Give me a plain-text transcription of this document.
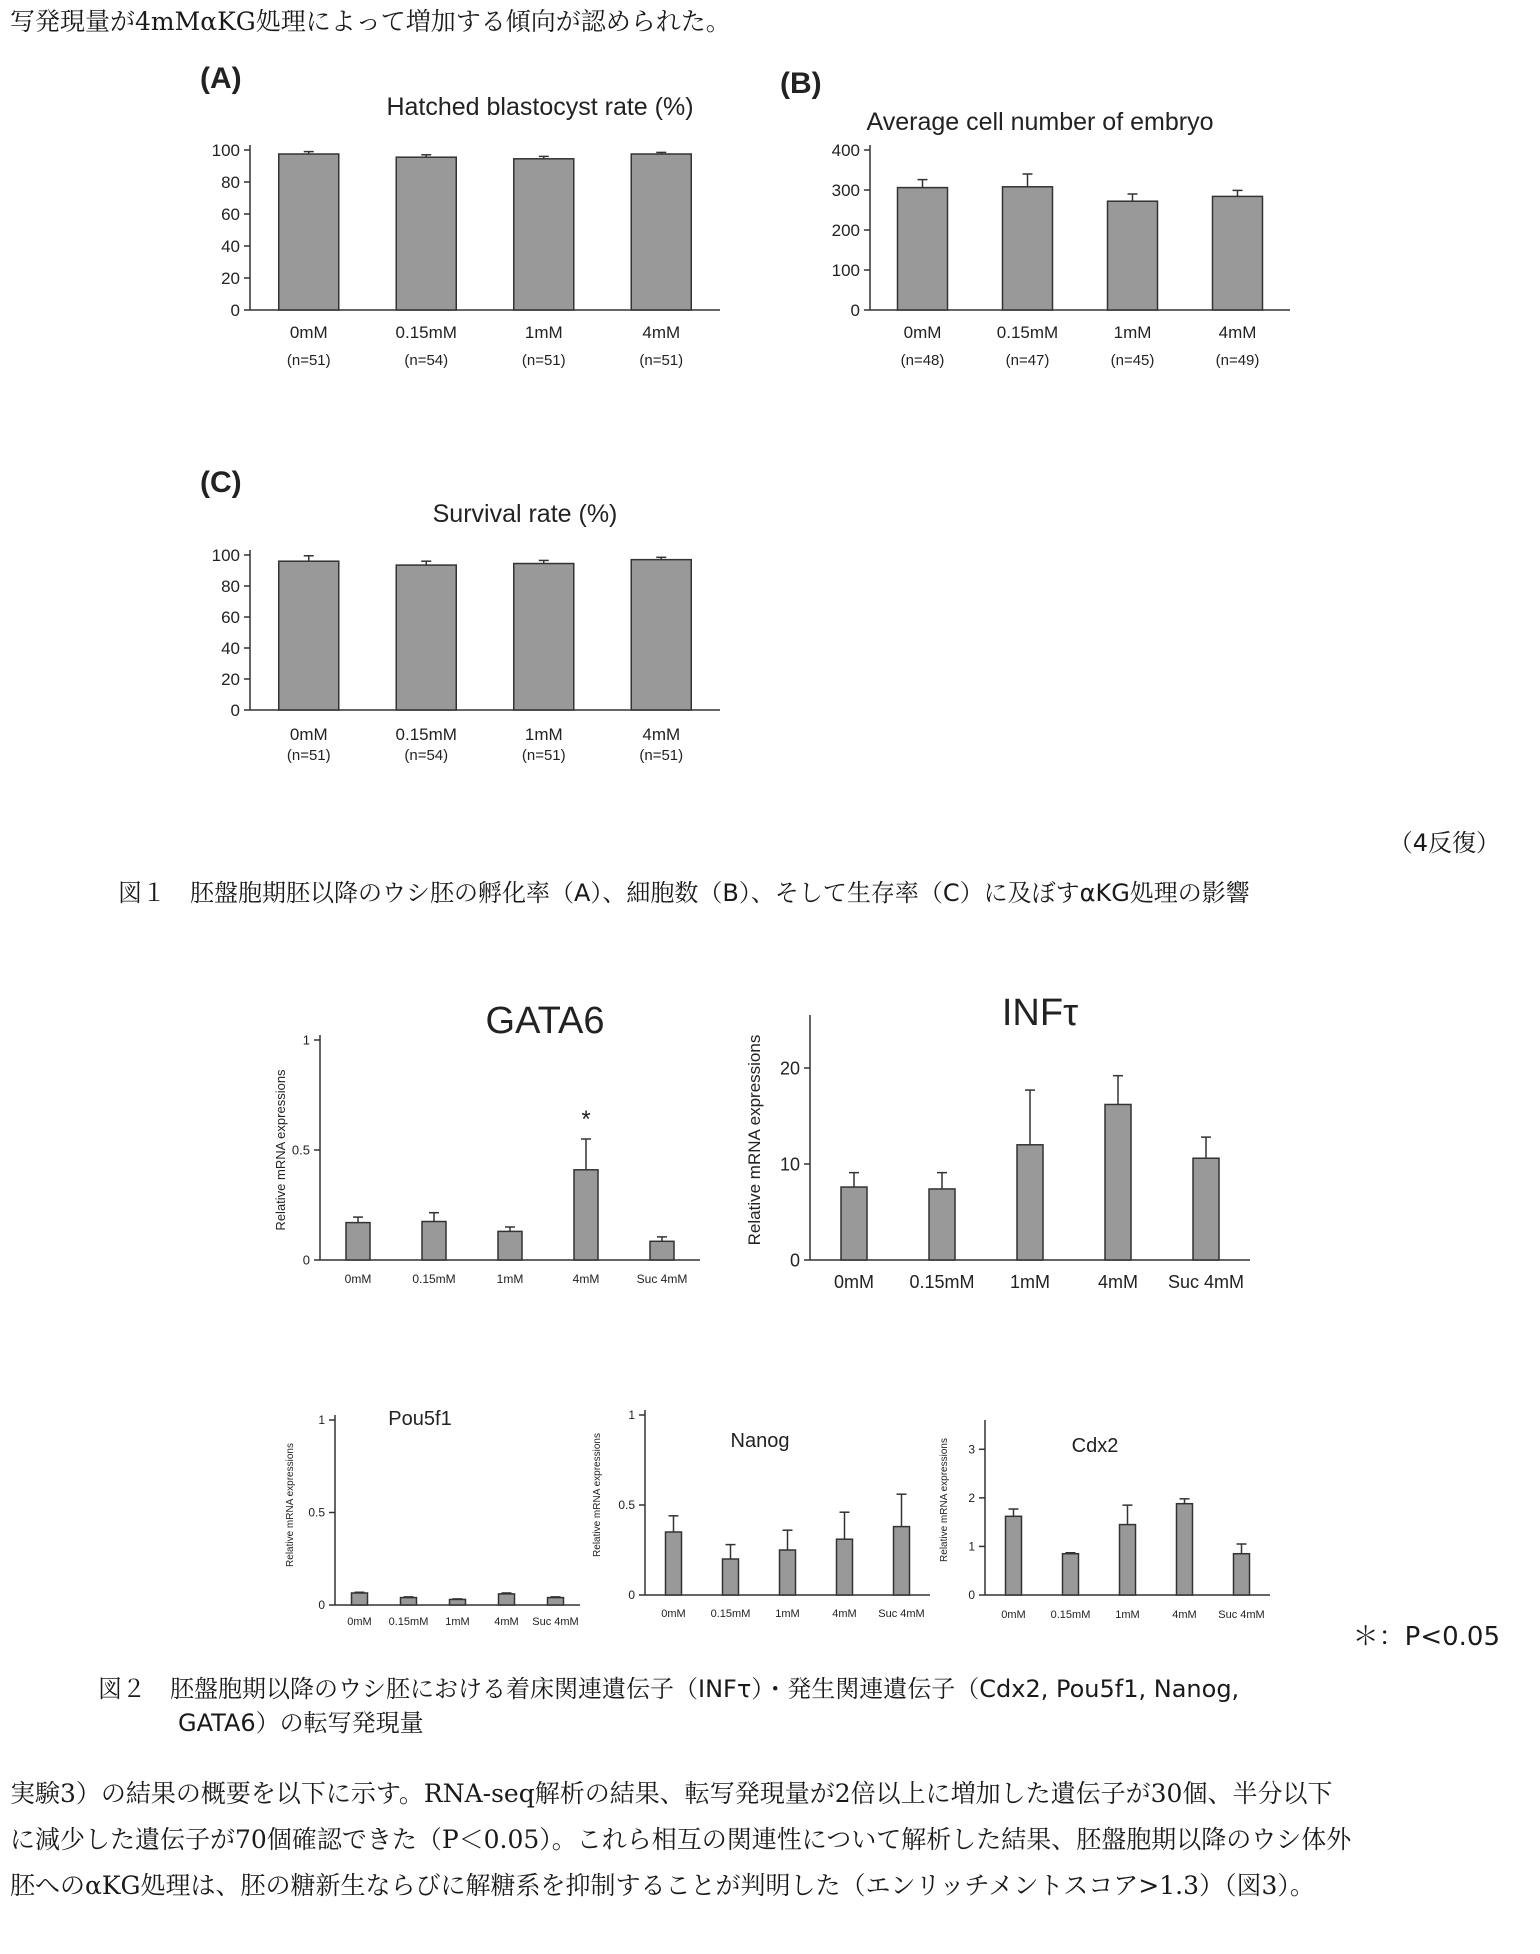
写発現量が4mMαKG処理によって増加する傾向が認められた。
(A)
Hatched blastocyst rate (%)
0
20
40
60
80
100
0mM
(n=51)
0.15mM
(n=54)
1mM
(n=51)
4mM
(n=51)
(B)
Average cell number of embryo
0
100
200
300
400
0mM
(n=48)
0.15mM
(n=47)
1mM
(n=45)
4mM
(n=49)
(C)
Survival rate (%)
0
20
40
60
80
100
0mM
(n=51)
0.15mM
(n=54)
1mM
(n=51)
4mM
(n=51)
（4反復）
図１　胚盤胞期胚以降のウシ胚の孵化率（A）、細胞数（B）、そして生存率（C）に及ぼすαKG処理の影響
GATA6
Relative mRNA expressions
0
0.5
1
0mM	0.15mM	1mM	4mM
*
Suc 4mM
INFτ
Relative mRNA expressions
0
10
20
0mM 0.15mM 1mM	4mM Suc 4mM
Pou5f1
Relative mRNA expressions
0
0.5
1
0mM 0.15mM 1mM 4mM Suc 4mM
Nanog
Relative mRNA expressions
0
0.5
1
0mM 0.15mM 1mM	4mM Suc 4mM
Cdx2
Relative mRNA expressions
0
1
2
3
0mM 0.15mM 1mM	4mM Suc 4mM
＊：P<0.05
図２　胚盤胞期以降のウシ胚における着床関連遺伝子（INFτ）・発生関連遺伝子（Cdx2, Pou5f1, Nanog,
GATA6）の転写発現量
実験3）の結果の概要を以下に示す。RNA-seq解析の結果、転写発現量が2倍以上に増加した遺伝子が30個、半分以下
に減少した遺伝子が70個確認できた（P＜0.05）。これら相互の関連性について解析した結果、胚盤胞期以降のウシ体外
胚へのαKG処理は、胚の糖新生ならびに解糖系を抑制することが判明した（エンリッチメントスコア>1.3）（図3）。
